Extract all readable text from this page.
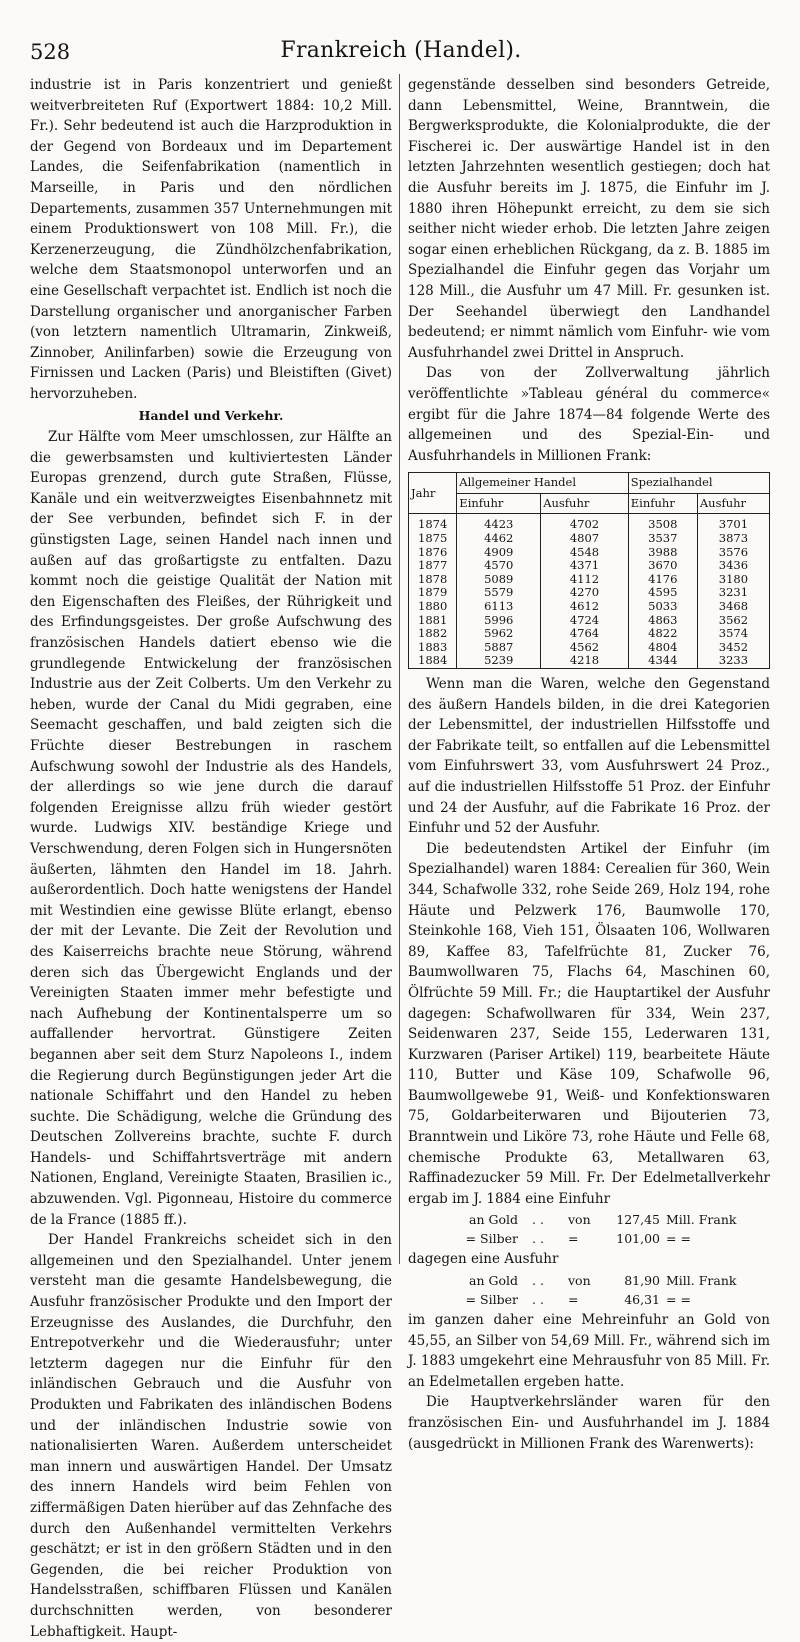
528	Frankreich (Handel).

industrie ist in Paris konzentriert und genießt weitverbreiteten Ruf (Exportwert 1884: 10,2 Mill. Fr.). Sehr bedeutend ist auch die Harzproduktion in der Gegend von Bordeaux und im Departement Landes, die Seifenfabrikation (namentlich in Marseille, in Paris und den nördlichen Departements, zusammen 357 Unternehmungen mit einem Produktionswert von 108 Mill. Fr.), die Kerzenerzeugung, die Zündhölzchenfabrikation, welche dem Staatsmonopol unterworfen und an eine Gesellschaft verpachtet ist. Endlich ist noch die Darstellung organischer und anorganischer Farben (von letztern namentlich Ultramarin, Zinkweiß, Zinnober, Anilinfarben) sowie die Erzeugung von Firnissen und Lacken (Paris) und Bleistiften (Givet) hervorzuheben.

Handel und Verkehr.

Zur Hälfte vom Meer umschlossen, zur Hälfte an die gewerbsamsten und kultiviertesten Länder Europas grenzend, durch gute Straßen, Flüsse, Kanäle und ein weitverzweigtes Eisenbahnnetz mit der See verbunden, befindet sich F. in der günstigsten Lage, seinen Handel nach innen und außen auf das großartigste zu entfalten. Dazu kommt noch die geistige Qualität der Nation mit den Eigenschaften des Fleißes, der Rührigkeit und des Erfindungsgeistes. Der große Aufschwung des französischen Handels datiert ebenso wie die grundlegende Entwickelung der französischen Industrie aus der Zeit Colberts. Um den Verkehr zu heben, wurde der Canal du Midi gegraben, eine Seemacht geschaffen, und bald zeigten sich die Früchte dieser Bestrebungen in raschem Aufschwung sowohl der Industrie als des Handels, der allerdings so wie jene durch die darauf folgenden Ereignisse allzu früh wieder gestört wurde. Ludwigs XIV. beständige Kriege und Verschwendung, deren Folgen sich in Hungersnöten äußerten, lähmten den Handel im 18. Jahrh. außerordentlich. Doch hatte wenigstens der Handel mit Westindien eine gewisse Blüte erlangt, ebenso der mit der Levante. Die Zeit der Revolution und des Kaiserreichs brachte neue Störung, während deren sich das Übergewicht Englands und der Vereinigten Staaten immer mehr befestigte und nach Aufhebung der Kontinentalsperre um so auffallender hervortrat. Günstigere Zeiten begannen aber seit dem Sturz Napoleons I., indem die Regierung durch Begünstigungen jeder Art die nationale Schiffahrt und den Handel zu heben suchte. Die Schädigung, welche die Gründung des Deutschen Zollvereins brachte, suchte F. durch Handels- und Schiffahrtsverträge mit andern Nationen, England, Vereinigte Staaten, Brasilien ic., abzuwenden. Vgl. Pigonneau, Histoire du commerce de la France (1885 ff.).

Der Handel Frankreichs scheidet sich in den allgemeinen und den Spezialhandel. Unter jenem versteht man die gesamte Handelsbewegung, die Ausfuhr französischer Produkte und den Import der Erzeugnisse des Auslandes, die Durchfuhr, den Entrepotverkehr und die Wiederausfuhr; unter letzterm dagegen nur die Einfuhr für den inländischen Gebrauch und die Ausfuhr von Produkten und Fabrikaten des inländischen Bodens und der inländischen Industrie sowie von nationalisierten Waren. Außerdem unterscheidet man innern und auswärtigen Handel. Der Umsatz des innern Handels wird beim Fehlen von ziffermäßigen Daten hierüber auf das Zehnfache des durch den Außenhandel vermittelten Verkehrs geschätzt; er ist in den größern Städten und in den Gegenden, die bei reicher Produktion von Handelsstraßen, schiffbaren Flüssen und Kanälen durchschnitten werden, von besonderer Lebhaftigkeit. Haupt-

gegenstände desselben sind besonders Getreide, dann Lebensmittel, Weine, Branntwein, die Bergwerksprodukte, die Kolonialprodukte, die der Fischerei ic. Der auswärtige Handel ist in den letzten Jahrzehnten wesentlich gestiegen; doch hat die Ausfuhr bereits im J. 1875, die Einfuhr im J. 1880 ihren Höhepunkt erreicht, zu dem sie sich seither nicht wieder erhob. Die letzten Jahre zeigen sogar einen erheblichen Rückgang, da z. B. 1885 im Spezialhandel die Einfuhr gegen das Vorjahr um 128 Mill., die Ausfuhr um 47 Mill. Fr. gesunken ist. Der Seehandel überwiegt den Landhandel bedeutend; er nimmt nämlich vom Einfuhr- wie vom Ausfuhrhandel zwei Drittel in Anspruch.

Das von der Zollverwaltung jährlich veröffentlichte »Tableau général du commerce« ergibt für die Jahre 1874—84 folgende Werte des allgemeinen und des Spezial-Ein- und Ausfuhrhandels in Millionen Frank:

Jahr	Allgemeiner Handel		Spezialhandel	
	Einfuhr	Ausfuhr	Einfuhr	Ausfuhr
1874	4423	4702	3508	3701
1875	4462	4807	3537	3873
1876	4909	4548	3988	3576
1877	4570	4371	3670	3436
1878	5089	4112	4176	3180
1879	5579	4270	4595	3231
1880	6113	4612	5033	3468
1881	5996	4724	4863	3562
1882	5962	4764	4822	3574
1883	5887	4562	4804	3452
1884	5239	4218	4344	3233

Wenn man die Waren, welche den Gegenstand des äußern Handels bilden, in die drei Kategorien der Lebensmittel, der industriellen Hilfsstoffe und der Fabrikate teilt, so entfallen auf die Lebensmittel vom Einfuhrswert 33, vom Ausfuhrswert 24 Proz., auf die industriellen Hilfsstoffe 51 Proz. der Einfuhr und 24 der Ausfuhr, auf die Fabrikate 16 Proz. der Einfuhr und 52 der Ausfuhr.

Die bedeutendsten Artikel der Einfuhr (im Spezialhandel) waren 1884: Cerealien für 360, Wein 344, Schafwolle 332, rohe Seide 269, Holz 194, rohe Häute und Pelzwerk 176, Baumwolle 170, Steinkohle 168, Vieh 151, Ölsaaten 106, Wollwaren 89, Kaffee 83, Tafelfrüchte 81, Zucker 76, Baumwollwaren 75, Flachs 64, Maschinen 60, Ölfrüchte 59 Mill. Fr.; die Hauptartikel der Ausfuhr dagegen: Schafwollwaren für 334, Wein 237, Seidenwaren 237, Seide 155, Lederwaren 131, Kurzwaren (Pariser Artikel) 119, bearbeitete Häute 110, Butter und Käse 109, Schafwolle 96, Baumwollgewebe 91, Weiß- und Konfektionswaren 75, Goldarbeiterwaren und Bijouterien 73, Branntwein und Liköre 73, rohe Häute und Felle 68, chemische Produkte 63, Metallwaren 63, Raffinadezucker 59 Mill. Fr. Der Edelmetallverkehr ergab im J. 1884 eine Einfuhr

an Gold	. .	von	127,45 Mill. Frank
= Silber	. .	=	101,00 = =

dagegen eine Ausfuhr

an Gold	. .	von	81,90 Mill. Frank
= Silber	. .	=	46,31 = =

im ganzen daher eine Mehreinfuhr an Gold von 45,55, an Silber von 54,69 Mill. Fr., während sich im J. 1883 umgekehrt eine Mehrausfuhr von 85 Mill. Fr. an Edelmetallen ergeben hatte.

Die Hauptverkehrsländer waren für den französischen Ein- und Ausfuhrhandel im J. 1884 (ausgedrückt in Millionen Frank des Warenwerts):
